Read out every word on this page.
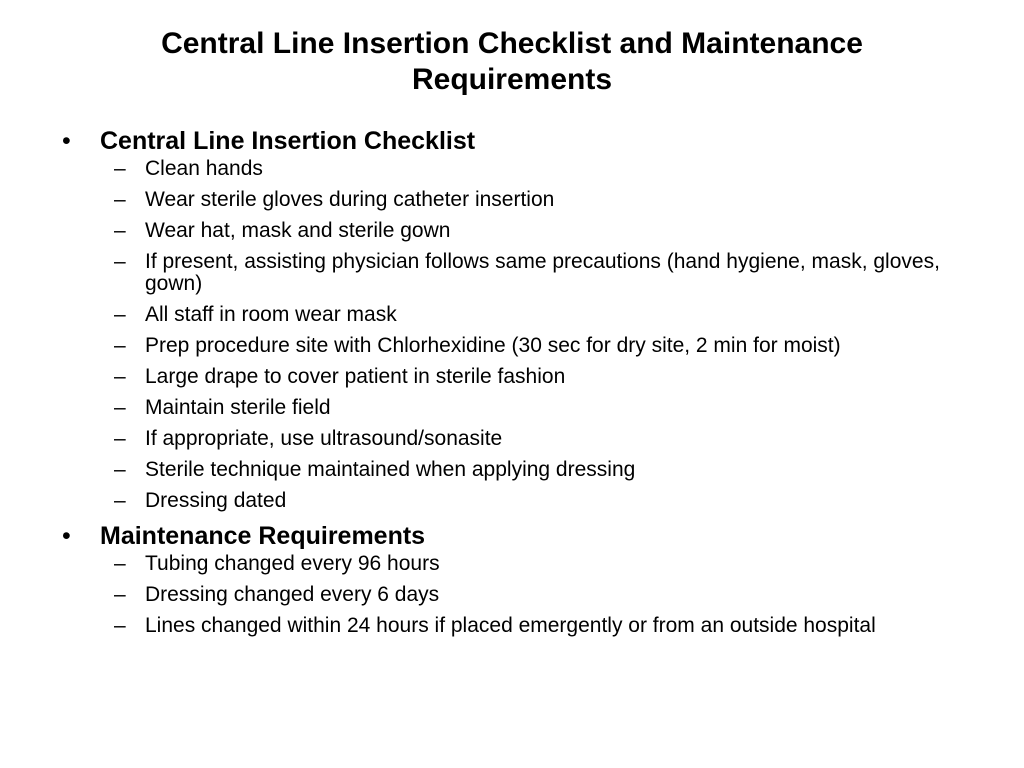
Central Line Insertion Checklist and Maintenance Requirements
• Central Line Insertion Checklist
– Clean hands
– Wear sterile gloves during catheter insertion
– Wear hat, mask and sterile gown
– If present, assisting physician follows same precautions (hand hygiene, mask, gloves, gown)
– All staff in room wear mask
– Prep procedure site with Chlorhexidine (30 sec for dry site, 2 min for moist)
– Large drape to cover patient in sterile fashion
– Maintain sterile field
– If appropriate, use ultrasound/sonasite
– Sterile technique maintained when applying dressing
– Dressing dated
• Maintenance Requirements
– Tubing changed every 96 hours
– Dressing changed every 6 days
– Lines changed within 24 hours if placed emergently or from an outside hospital
